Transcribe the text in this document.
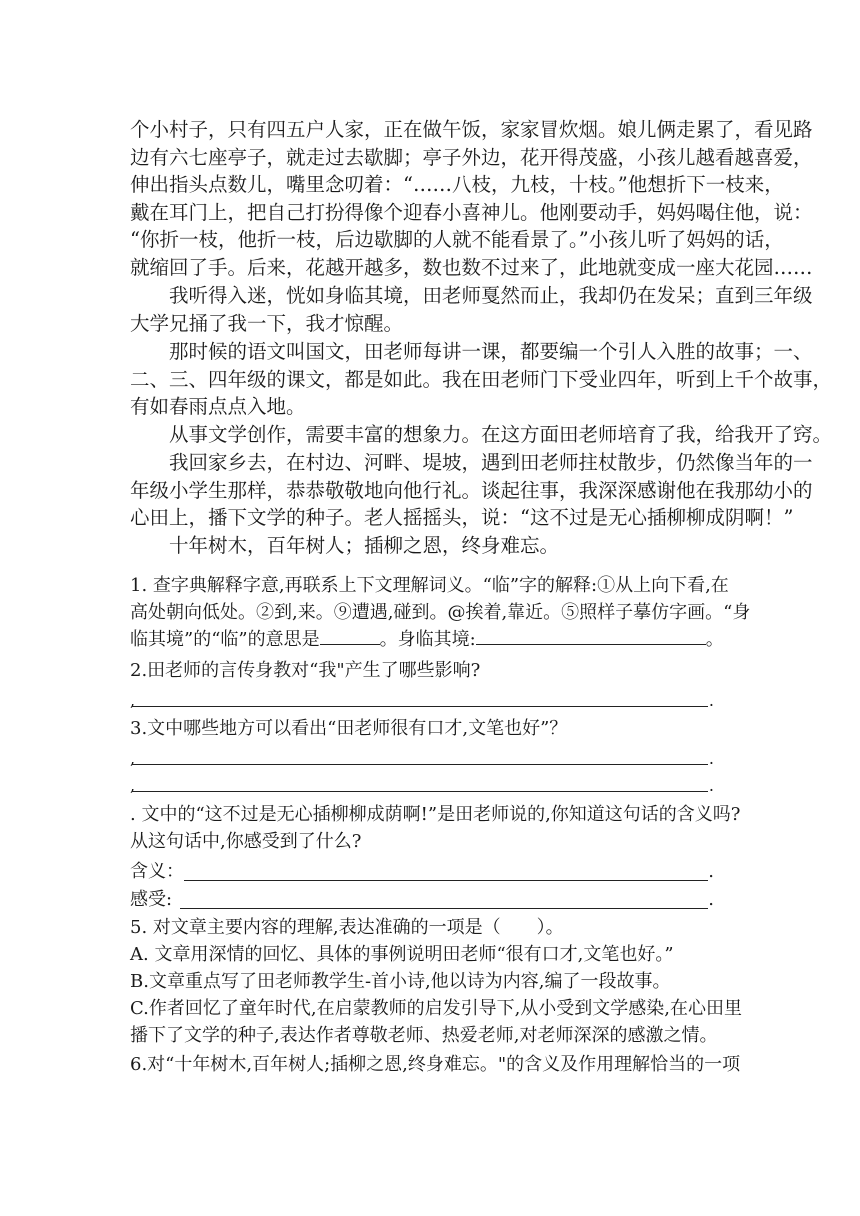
个小村子，只有四五户人家，正在做午饭，家家冒炊烟。娘儿俩走累了，看见路
边有六七座亭子，就走过去歇脚；亭子外边，花开得茂盛，小孩儿越看越喜爱，
伸出指头点数儿，嘴里念叨着：“……八枝，九枝，十枝。”他想折下一枝来，
戴在耳门上，把自己打扮得像个迎春小喜神儿。他刚要动手，妈妈喝住他，说：
“你折一枝，他折一枝，后边歇脚的人就不能看景了。”小孩儿听了妈妈的话，
就缩回了手。后来，花越开越多，数也数不过来了，此地就变成一座大花园……

　　我听得入迷，恍如身临其境，田老师戛然而止，我却仍在发呆；直到三年级
大学兄捅了我一下，我才惊醒。

　　那时候的语文叫国文，田老师每讲一课，都要编一个引人入胜的故事；一、
二、三、四年级的课文，都是如此。我在田老师门下受业四年，听到上千个故事，
有如春雨点点入地。

　　从事文学创作，需要丰富的想象力。在这方面田老师培育了我，给我开了窍。

　　我回家乡去，在村边、河畔、堤坡，遇到田老师拄杖散步，仍然像当年的一
年级小学生那样，恭恭敬敬地向他行礼。谈起往事，我深深感谢他在我那幼小的
心田上，播下文学的种子。老人摇摇头，说：“这不过是无心插柳柳成阴啊！”

　　十年树木，百年树人；插柳之恩，终身难忘。

1. 查字典解释字意,再联系上下文理解词义。“临”字的解释:①从上向下看,在
高处朝向低处。②到,来。⑨遭遇,碰到。@挨着,靠近。⑤照样子摹仿字画。“身
临其境”的“临”的意思是	。身临其境:	。
2.田老师的言传身教对“我"产生了哪些影响?
,	.
3.文中哪些地方可以看出“田老师很有口才,文笔也好”？
,	.
,	.
. 文中的“这不过是无心插柳柳成荫啊!”是田老师说的,你知道这句话的含义吗?
从这句话中,你感受到了什么?
含义：	.
感受:	.
5. 对文章主要内容的理解,表达准确的一项是（　　）。
A. 文章用深情的回忆、具体的事例说明田老师“很有口才,文笔也好。”
B.文章重点写了田老师教学生-首小诗,他以诗为内容,编了一段故事。
C.作者回忆了童年时代,在启蒙教师的启发引导下,从小受到文学感染,在心田里
播下了文学的种子,表达作者尊敬老师、热爱老师,对老师深深的感激之情。
6.对“十年树木,百年树人;插柳之恩,终身难忘。"的含义及作用理解恰当的一项
